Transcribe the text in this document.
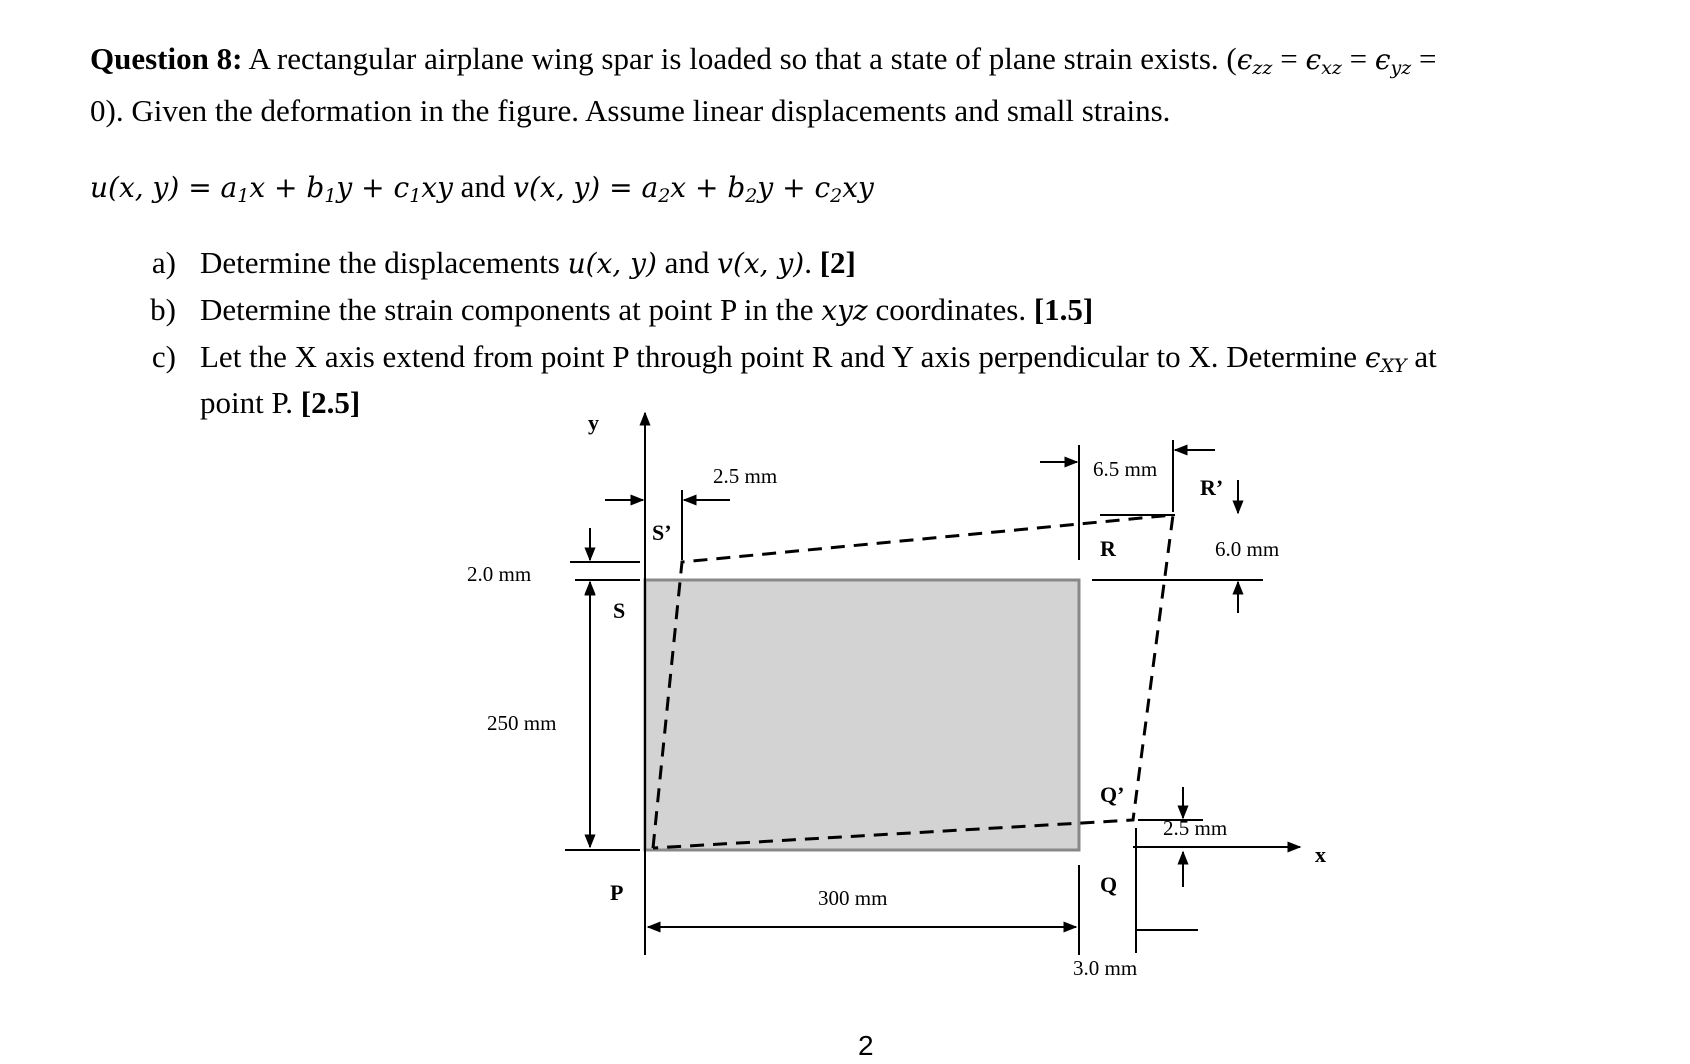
Question 8: A rectangular airplane wing spar is loaded so that a state of plane strain exists. ($\epsilon_{zz} = \epsilon_{xz} = \epsilon_{yz}$ =
0). Given the deformation in the figure. Assume linear displacements and small strains.
u(x, $y) = a_1x + b_1y + c_1xy$ and v(x, $y) = a_2x + b_2y + c_2xy$
a) Determine the displacements u(x, y) and v(x, y). [2]
b) Determine the strain components at point P in the xyz coordinates. [1.5]
c) Let the X axis extend from point P through point R and Y axis perpendicular to X. Determine $\epsilon_{XY}$ at
point P. [2.5]
y
x
250 mm
2.0 mm
2.5 mm	6.5 mm
6.0 mm
2.5 mm
3.0 mm
300 mm
S’
S
R
R’
Q’
Q
P
2
